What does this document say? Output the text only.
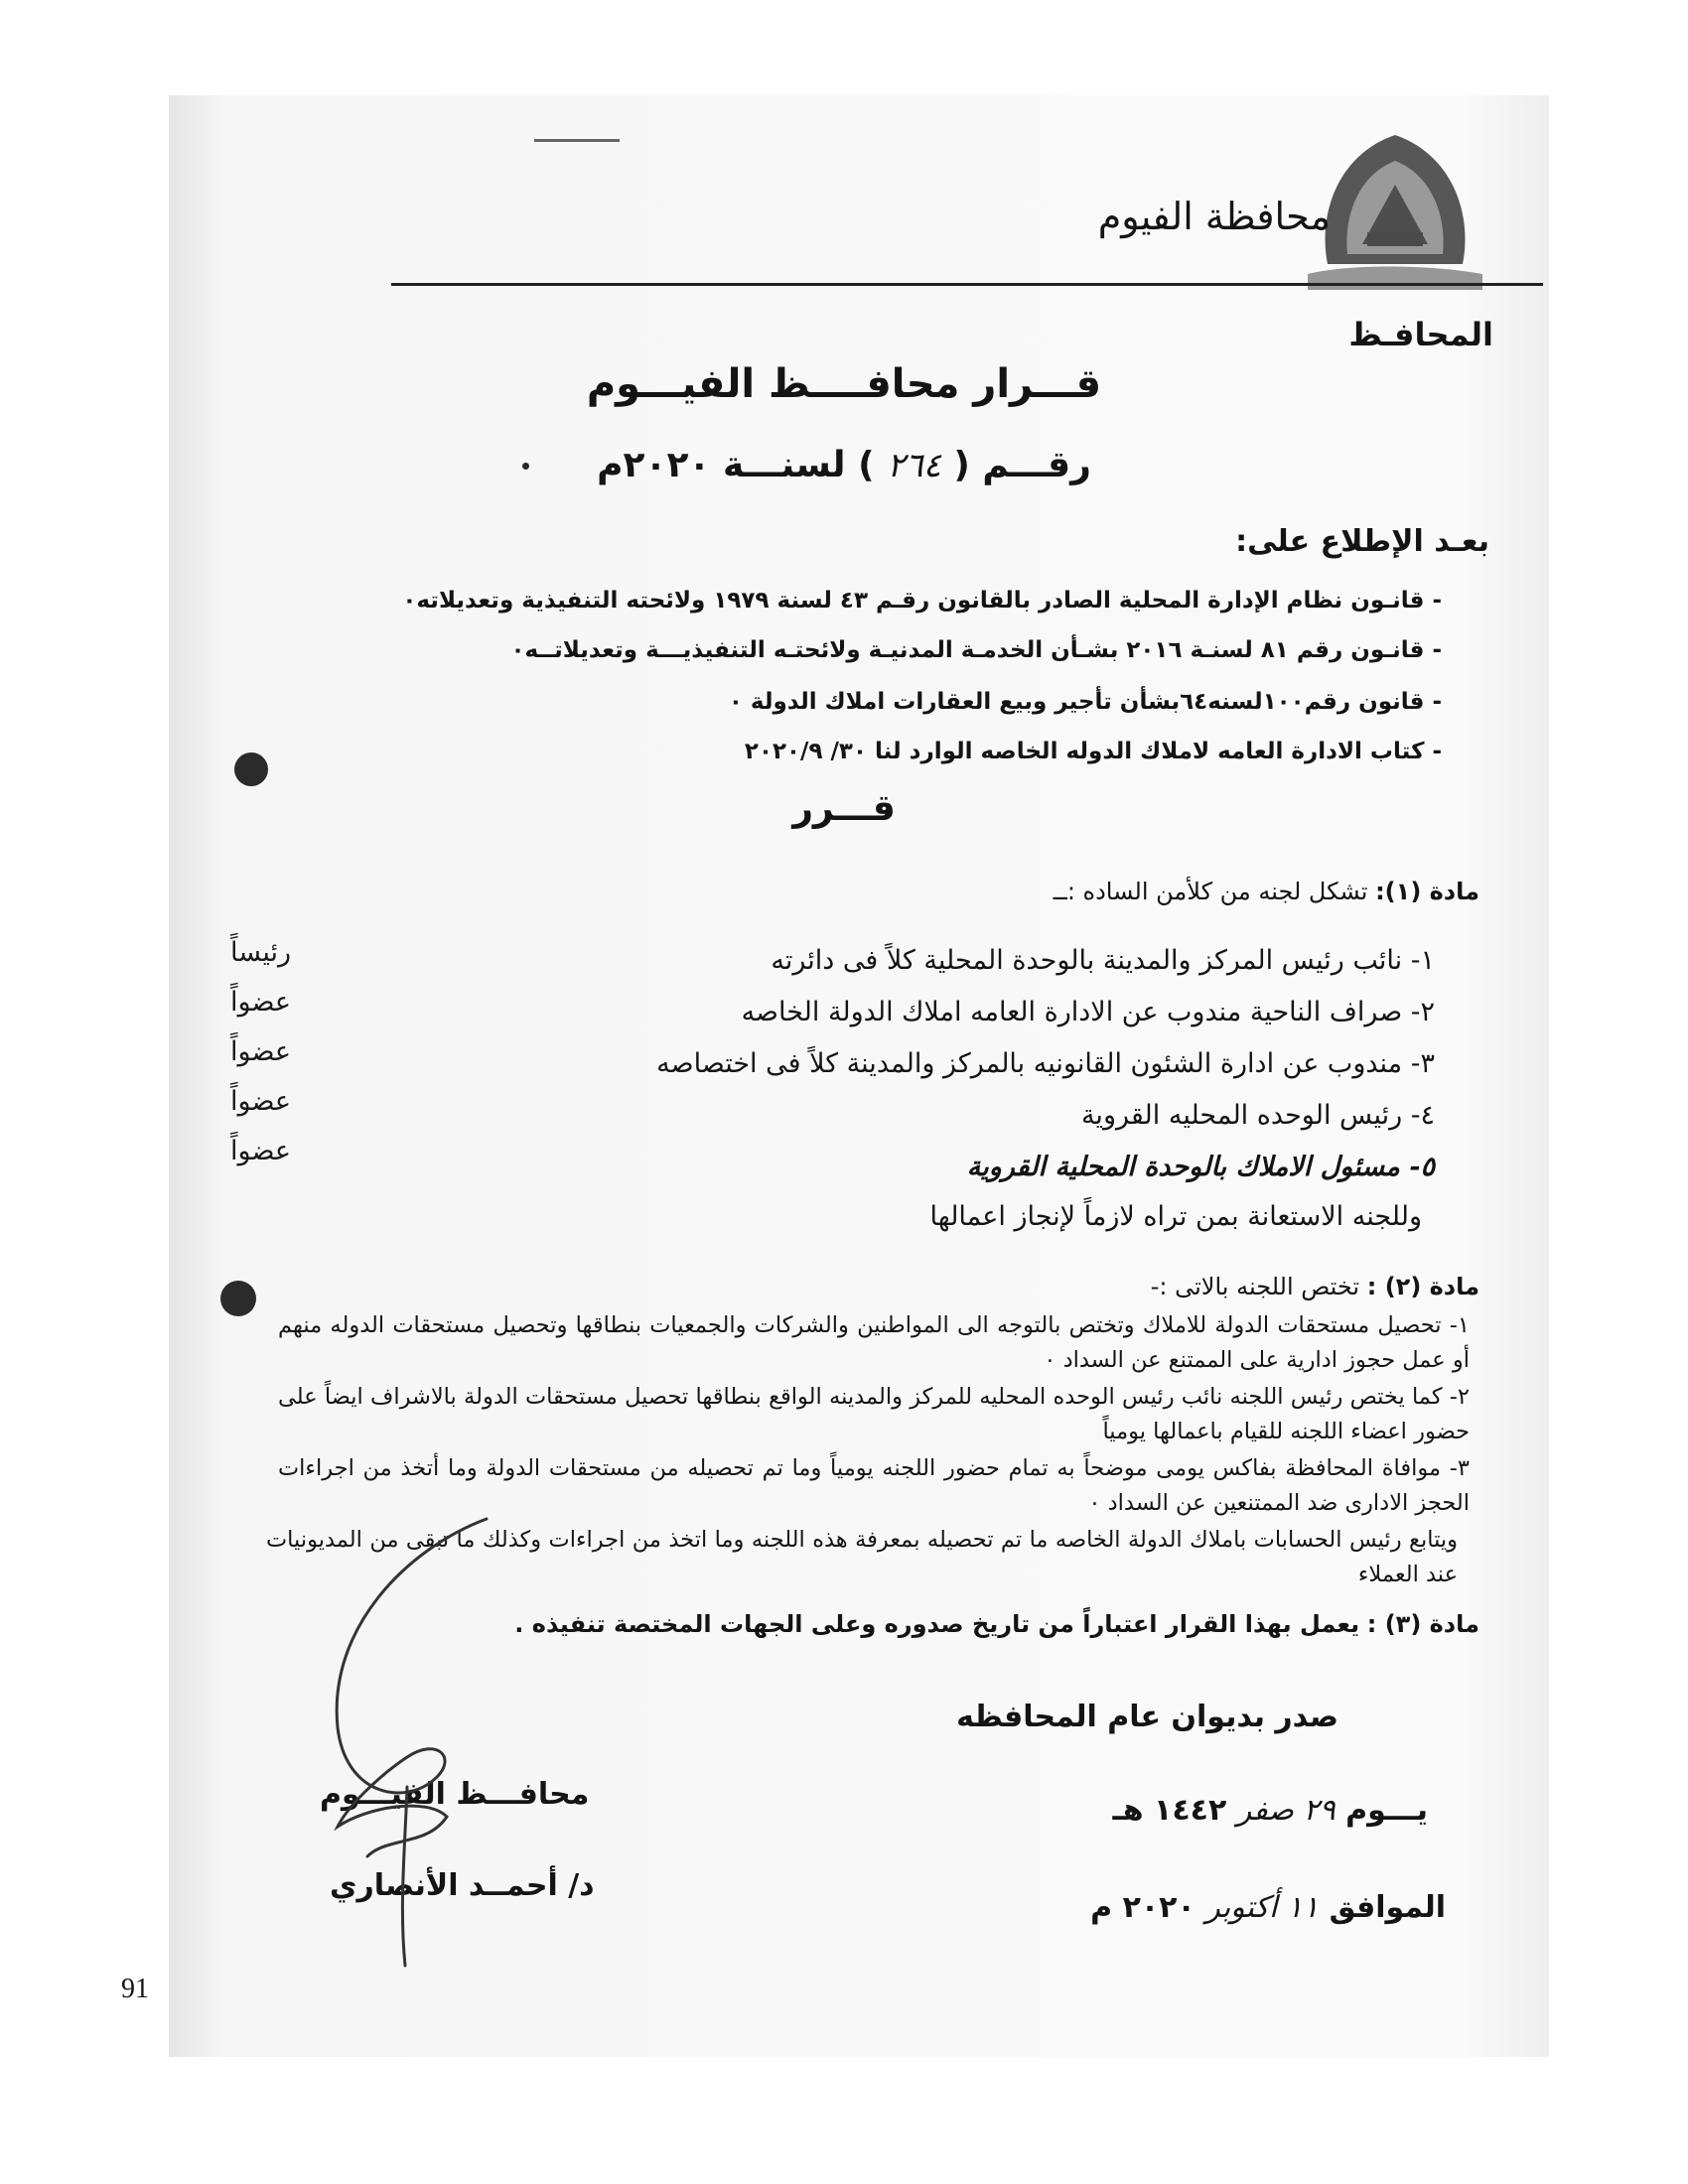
محافظة الفيوم
المحافـظ
قـــرار محافــــظ الفيـــوم
رقـــم ( ٢٦٤ ) لسنـــة ٢٠٢٠م
بعـد الإطلاع على:
- قانـون نظام الإدارة المحلية الصادر بالقانون رقـم ٤٣ لسنة ١٩٧٩ ولائحته التنفيذية وتعديلاته٠
- قانـون رقم ٨١ لسنـة ٢٠١٦ بشـأن الخدمـة المدنيـة ولائحتـه التنفيذيـــة وتعديلاتــه٠
- قانون رقم١٠٠لسنه٦٤بشأن تأجير وبيع العقارات املاك الدولة ٠
- كتاب الادارة العامه لاملاك الدوله الخاصه الوارد لنا ٣٠/ ٢٠٢٠/٩
قـــرر
مادة (١): تشكل لجنه من كلأمن الساده :ــ
١- نائب رئيس المركز والمدينة بالوحدة المحلية كلاً فى دائرته
رئيساً
٢- صراف الناحية مندوب عن الادارة العامه املاك الدولة الخاصه
عضواً
٣- مندوب عن ادارة الشئون القانونيه بالمركز والمدينة كلاً فى اختصاصه
عضواً
٤- رئيس الوحده المحليه القروية
عضواً
٥- مسئول الاملاك بالوحدة المحلية القروية
عضواً
وللجنه الاستعانة بمن تراه لازماً لإنجاز اعمالها
مادة (٢) : تختص اللجنه بالاتى :-
١- تحصيل مستحقات الدولة للاملاك وتختص بالتوجه الى المواطنين والشركات والجمعيات بنطاقها وتحصيل مستحقات الدوله منهم أو عمل حجوز ادارية على الممتنع عن السداد ٠
٢- كما يختص رئيس اللجنه نائب رئيس الوحده المحليه للمركز والمدينه الواقع بنطاقها تحصيل مستحقات الدولة بالاشراف ايضاً على حضور اعضاء اللجنه للقيام باعمالها يومياً
٣- موافاة المحافظة بفاكس يومى موضحاً به تمام حضور اللجنه يومياً وما تم تحصيله من مستحقات الدولة وما أتخذ من اجراءات الحجز الادارى ضد الممتنعين عن السداد ٠
ويتابع رئيس الحسابات باملاك الدولة الخاصه ما تم تحصيله بمعرفة هذه اللجنه وما اتخذ من اجراءات وكذلك ما تبقى من المديونيات عند العملاء
مادة (٣) : يعمل بهذا القرار اعتباراً من تاريخ صدوره وعلى الجهات المختصة تنفيذه .
صدر بديوان عام المحافظه
يـــوم ٢٩ صفر ١٤٤٢ هـ
الموافق ١١ أكتوبر ٢٠٢٠ م
محافـــظ الفيـــوم
د/ أحمــد الأنصاري
91
